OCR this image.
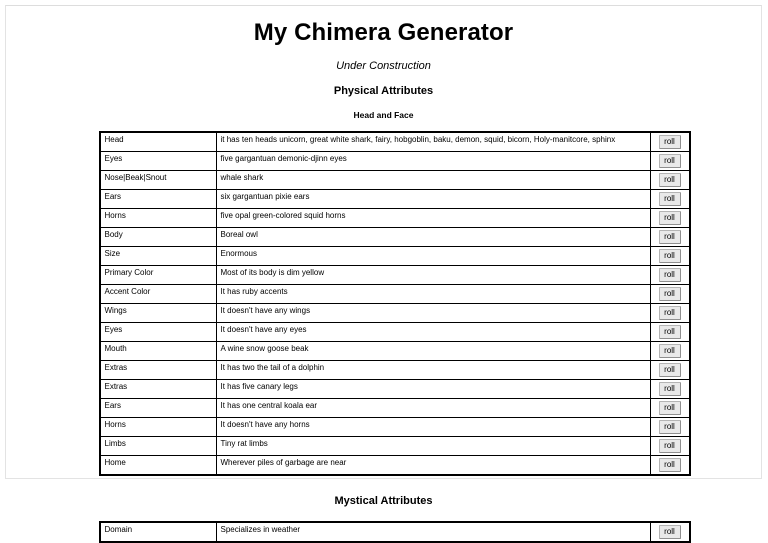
My Chimera Generator

Under Construction

Physical Attributes
Head and Face
Head	it has ten heads unicorn, great white shark, fairy, hobgoblin, baku, demon, squid, bicorn, Holy-manitcore, sphinx	roll
Eyes	five gargantuan demonic-djinn eyes	roll
Nose|Beak|Snout	whale shark	roll
Ears	six gargantuan pixie ears	roll
Horns	five opal green-colored squid horns	roll
Body	Boreal owl	roll
Size	Enormous	roll
Primary Color	Most of its body is dim yellow	roll
Accent Color	It has ruby accents	roll
Wings	It doesn't have any wings	roll
Eyes	It doesn't have any eyes	roll
Mouth	A wine snow goose beak	roll
Extras	It has two the tail of a dolphin	roll
Extras	It has five canary legs	roll
Ears	It has one central koala ear	roll
Horns	It doesn't have any horns	roll
Limbs	Tiny rat limbs	roll
Home	Wherever piles of garbage are near	roll
Mystical Attributes
Domain	Specializes in weather	roll
